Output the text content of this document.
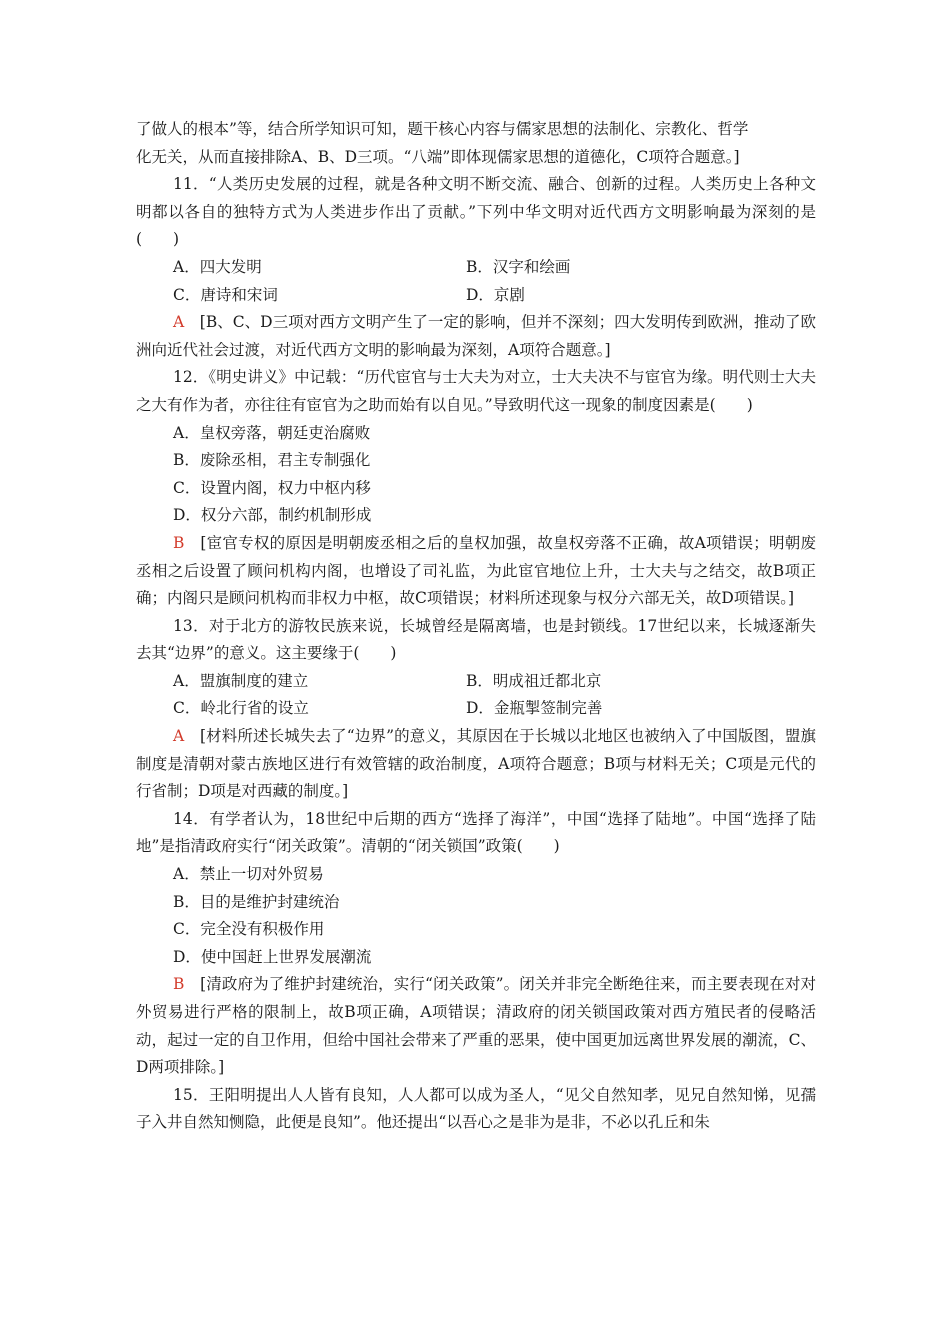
了做人的根本”等，结合所学知识可知，题干核心内容与儒家思想的法制化、宗教化、哲学

化无关，从而直接排除A、B、D三项。“八端”即体现儒家思想的道德化，C项符合题意。]

11．“人类历史发展的过程，就是各种文明不断交流、融合、创新的过程。人类历史上各种文明都以各自的独特方式为人类进步作出了贡献。”下列中华文明对近代西方文明影响最为深刻的是(　　)

A．四大发明	B．汉字和绘画
C．唐诗和宋词	D．京剧

A　 [B、C、D三项对西方文明产生了一定的影响，但并不深刻；四大发明传到欧洲，推动了欧洲向近代社会过渡，对近代西方文明的影响最为深刻，A项符合题意。]

12．《明史讲义》中记载：“历代宦官与士大夫为对立，士大夫决不与宦官为缘。明代则士大夫之大有作为者，亦往往有宦官为之助而始有以自见。”导致明代这一现象的制度因素是(　　)

A．皇权旁落，朝廷吏治腐败

B．废除丞相，君主专制强化

C．设置内阁，权力中枢内移

D．权分六部，制约机制形成

B　 [宦官专权的原因是明朝废丞相之后的皇权加强，故皇权旁落不正确，故A项错误；明朝废丞相之后设置了顾问机构内阁，也增设了司礼监，为此宦官地位上升，士大夫与之结交，故B项正确；内阁只是顾问机构而非权力中枢，故C项错误；材料所述现象与权分六部无关，故D项错误。]

13．对于北方的游牧民族来说，长城曾经是隔离墙，也是封锁线。17世纪以来，长城逐渐失去其“边界”的意义。这主要缘于(　　)

A．盟旗制度的建立	B．明成祖迁都北京
C．岭北行省的设立	D．金瓶掣签制完善

A　 [材料所述长城失去了“边界”的意义，其原因在于长城以北地区也被纳入了中国版图，盟旗制度是清朝对蒙古族地区进行有效管辖的政治制度，A项符合题意；B项与材料无关；C项是元代的行省制；D项是对西藏的制度。]

14．有学者认为，18世纪中后期的西方“选择了海洋”，中国“选择了陆地”。中国“选择了陆地”是指清政府实行“闭关政策”。清朝的“闭关锁国”政策(　　)

A．禁止一切对外贸易

B．目的是维护封建统治

C．完全没有积极作用

D．使中国赶上世界发展潮流

B　 [清政府为了维护封建统治，实行“闭关政策”。闭关并非完全断绝往来，而主要表现在对对外贸易进行严格的限制上，故B项正确，A项错误；清政府的闭关锁国政策对西方殖民者的侵略活动，起过一定的自卫作用，但给中国社会带来了严重的恶果，使中国更加远离世界发展的潮流，C、D两项排除。]

15．王阳明提出人人皆有良知，人人都可以成为圣人，“见父自然知孝，见兄自然知悌，见孺子入井自然知恻隐，此便是良知”。他还提出“以吾心之是非为是非，不必以孔丘和朱
